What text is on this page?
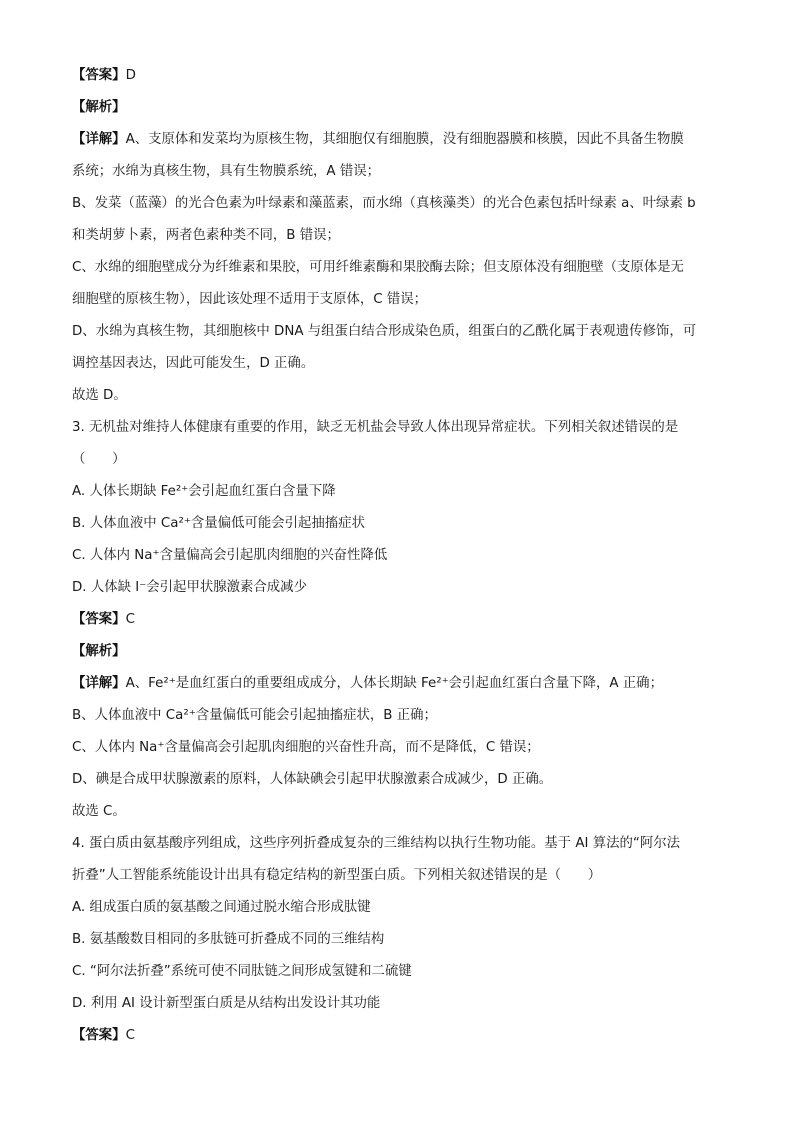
【答案】D
【解析】
【详解】A、支原体和发菜均为原核生物，其细胞仅有细胞膜，没有细胞器膜和核膜，因此不具备生物膜
系统；水绵为真核生物，具有生物膜系统，A 错误；
B、发菜（蓝藻）的光合色素为叶绿素和藻蓝素，而水绵（真核藻类）的光合色素包括叶绿素 a、叶绿素 b
和类胡萝卜素，两者色素种类不同，B 错误；
C、水绵的细胞壁成分为纤维素和果胶，可用纤维素酶和果胶酶去除；但支原体没有细胞壁（支原体是无
细胞壁的原核生物），因此该处理不适用于支原体，C 错误；
D、水绵为真核生物，其细胞核中 DNA 与组蛋白结合形成染色质，组蛋白的乙酰化属于表观遗传修饰，可
调控基因表达，因此可能发生，D 正确。
故选 D。
3. 无机盐对维持人体健康有重要的作用，缺乏无机盐会导致人体出现异常症状。下列相关叙述错误的是
（　　）
A. 人体长期缺 Fe²⁺会引起血红蛋白含量下降
B. 人体血液中 Ca²⁺含量偏低可能会引起抽搐症状
C. 人体内 Na⁺含量偏高会引起肌肉细胞的兴奋性降低
D. 人体缺 I⁻会引起甲状腺激素合成减少
【答案】C
【解析】
【详解】A、Fe²⁺是血红蛋白的重要组成成分，人体长期缺 Fe²⁺会引起血红蛋白含量下降，A 正确；
B、人体血液中 Ca²⁺含量偏低可能会引起抽搐症状，B 正确；
C、人体内 Na⁺含量偏高会引起肌肉细胞的兴奋性升高，而不是降低，C 错误；
D、碘是合成甲状腺激素的原料，人体缺碘会引起甲状腺激素合成减少，D 正确。
故选 C。
4. 蛋白质由氨基酸序列组成，这些序列折叠成复杂的三维结构以执行生物功能。基于 AI 算法的“阿尔法
折叠”人工智能系统能设计出具有稳定结构的新型蛋白质。下列相关叙述错误的是（　　）
A. 组成蛋白质的氨基酸之间通过脱水缩合形成肽键
B. 氨基酸数目相同的多肽链可折叠成不同的三维结构
C. “阿尔法折叠”系统可使不同肽链之间形成氢键和二硫键
D. 利用 AI 设计新型蛋白质是从结构出发设计其功能
【答案】C
